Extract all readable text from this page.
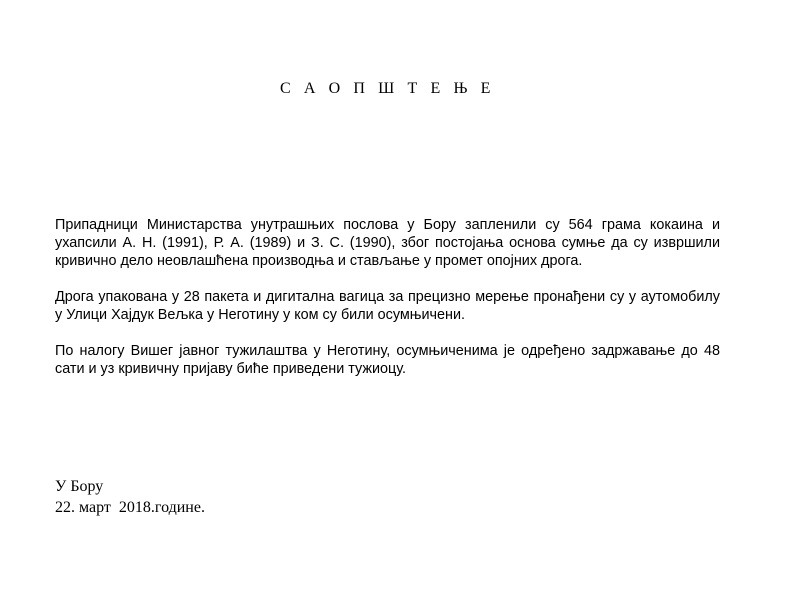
С А О П Ш Т Е Њ Е

Припадници Министарства унутрашњих послова у Бору запленили су 564 грама кокаина и ухапсили А. Н. (1991), Р. А. (1989) и З. С. (1990), због постојања основа сумње да су извршили кривично дело неовлашћена производња и стављање у промет опојних дрога.

Дрога упакована у 28 пакета и дигитална вагица за прецизно мерење пронађени су у аутомобилу у Улици Хајдук Вељка у Неготину у ком су били осумњичени.

По налогу Вишег јавног тужилаштва у Неготину, осумњиченима је одређено задржавање до 48 сати и уз кривичну пријаву биће приведени тужиоцу.

У Бору
22. март  2018.године.
